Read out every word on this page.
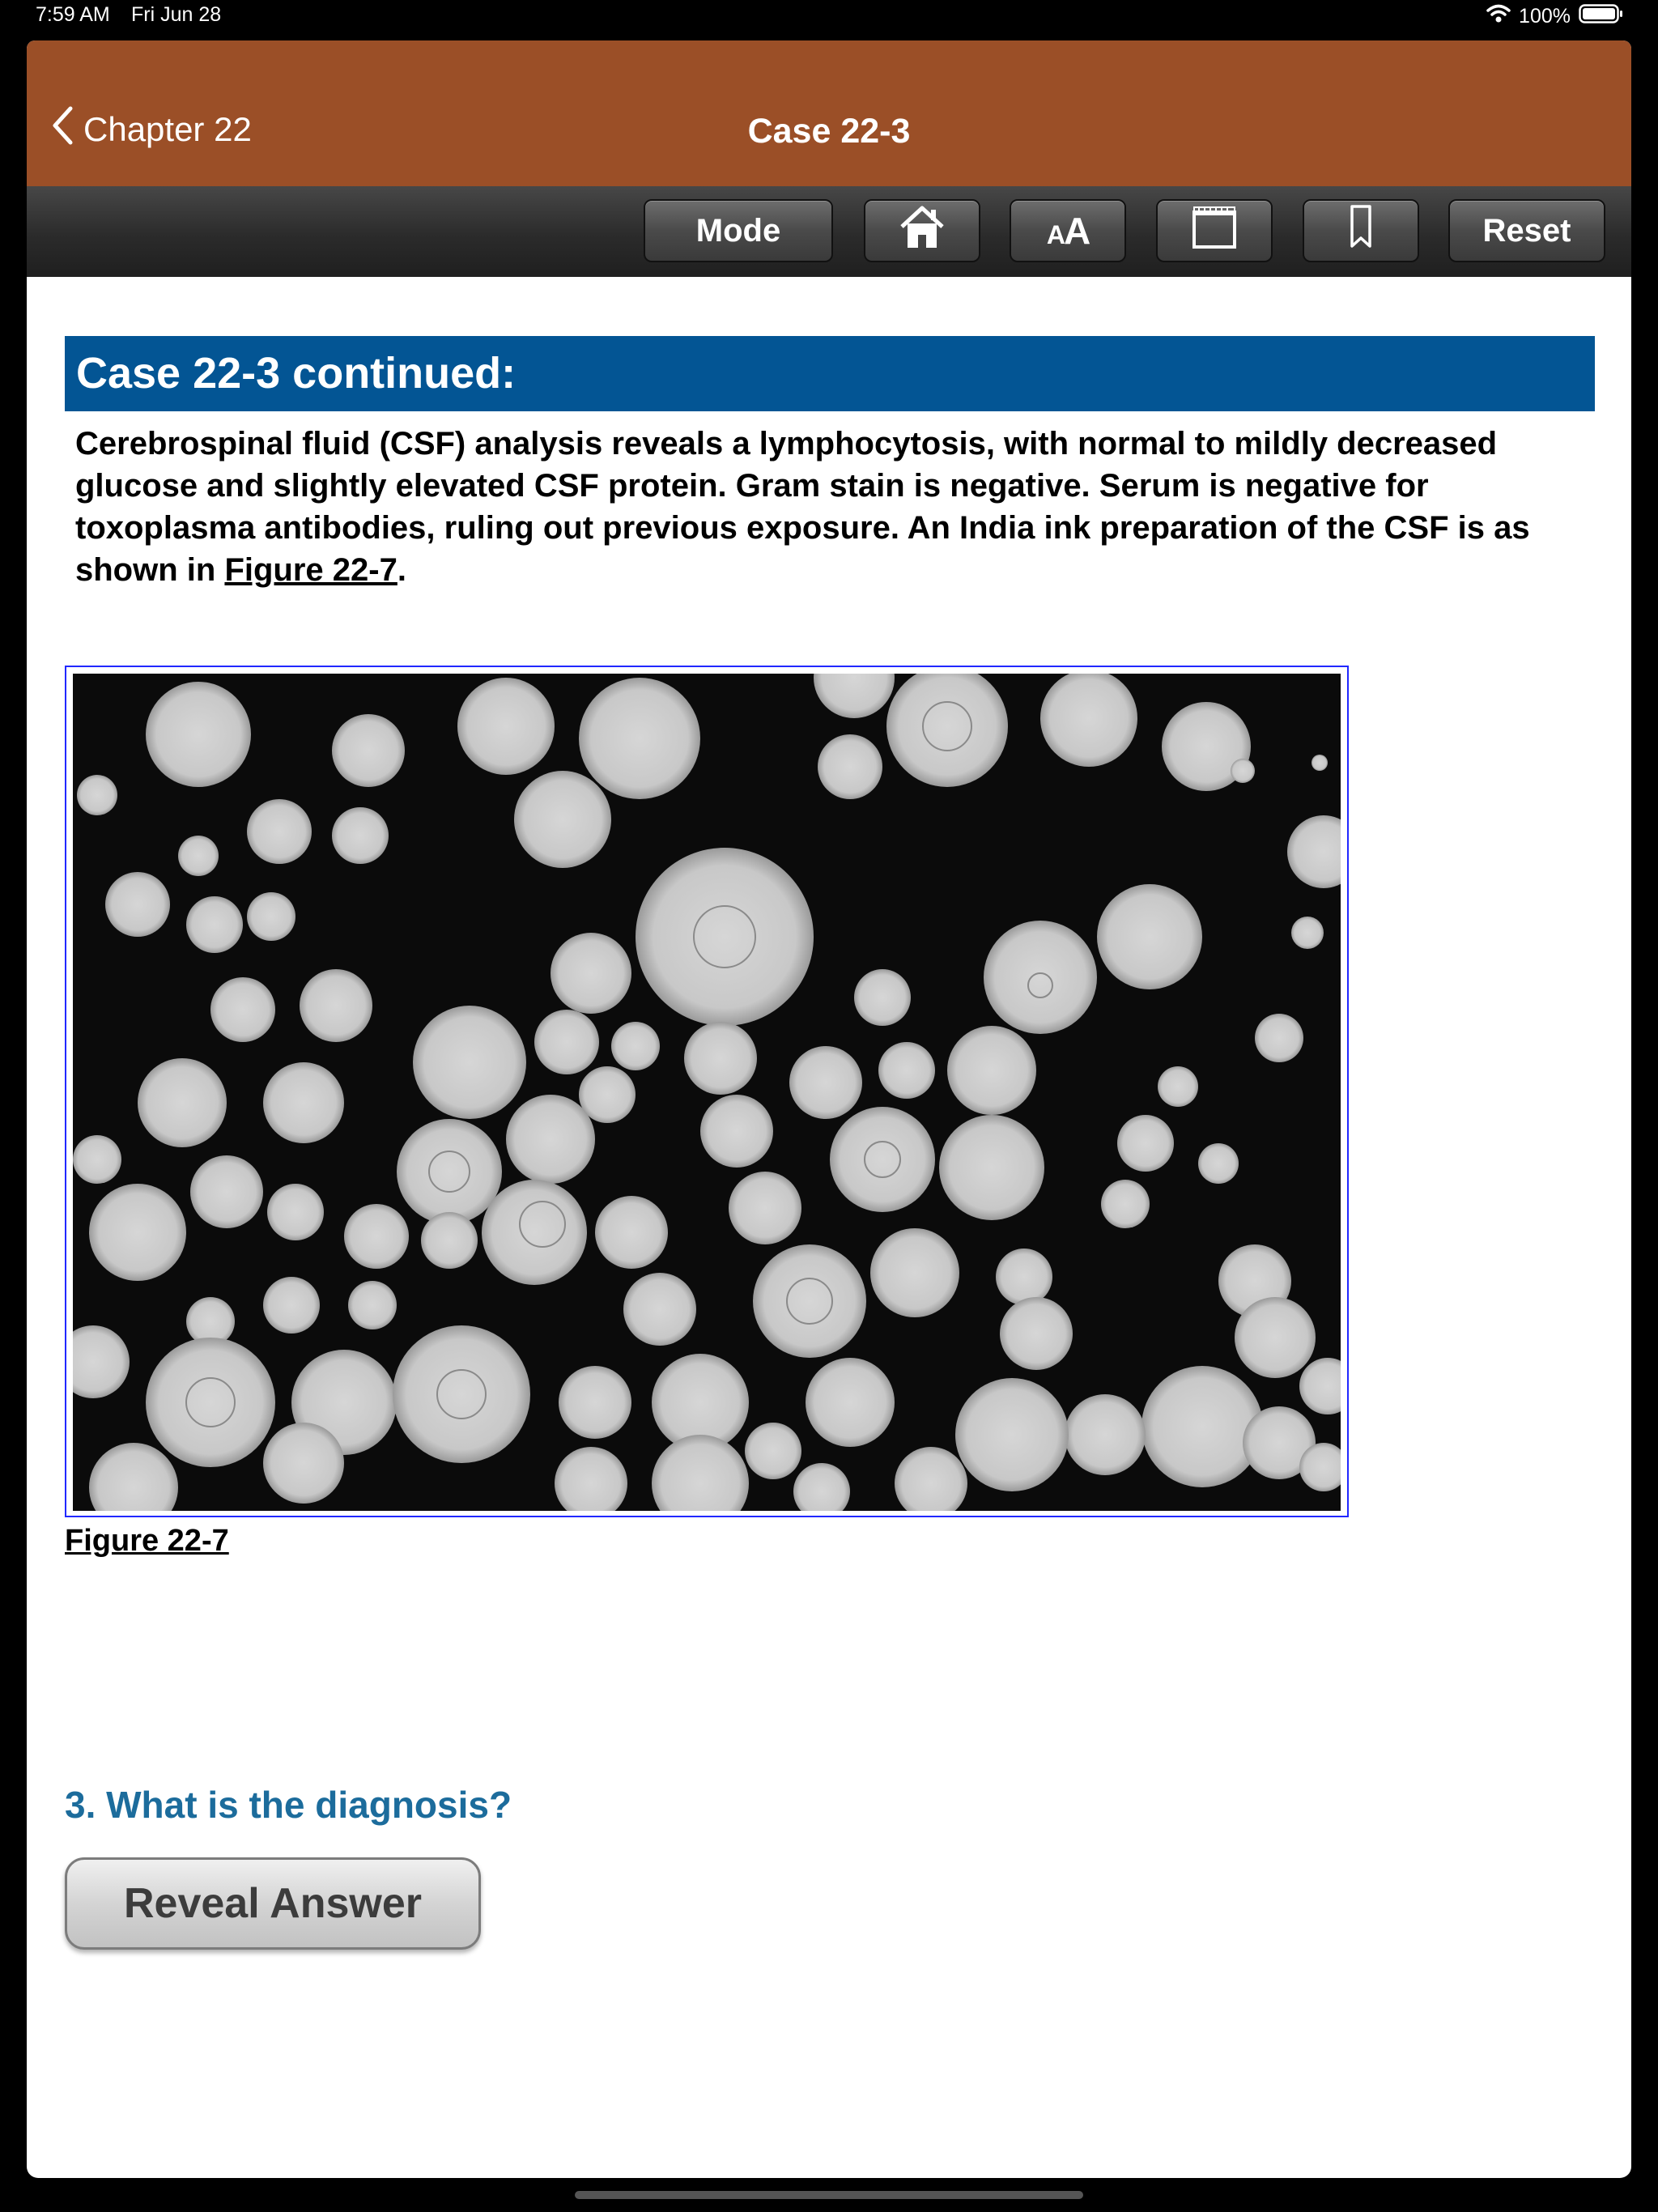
7:59 AM Fri Jun 28	100%
Chapter 22	Case 22-3
Mode	AA	Reset
Case 22-3 continued:
Cerebrospinal fluid (CSF) analysis reveals a lymphocytosis, with normal to mildly decreased glucose and slightly elevated CSF protein. Gram stain is negative. Serum is negative for toxoplasma antibodies, ruling out previous exposure. An India ink preparation of the CSF is as shown in Figure 22-7.
Figure 22-7
3. What is the diagnosis?
Reveal Answer
